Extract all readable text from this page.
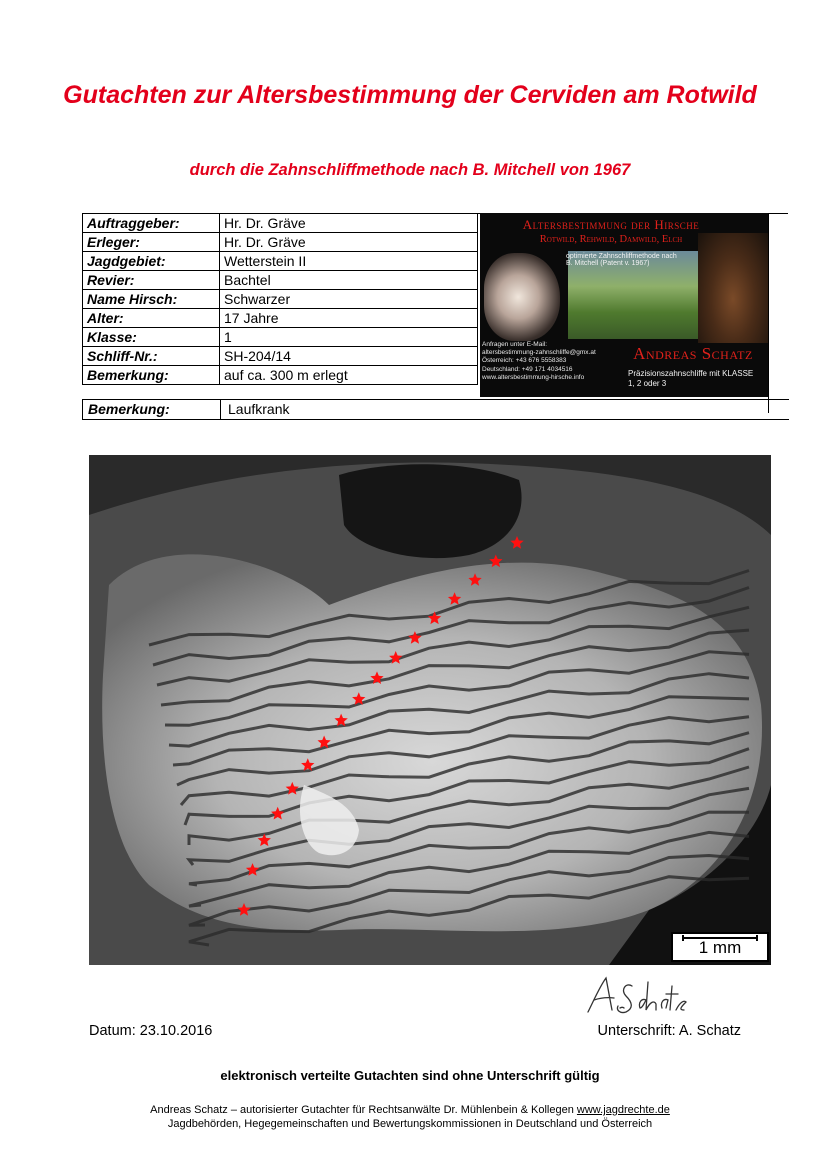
Gutachten zur Altersbestimmung der Cerviden am Rotwild
durch die Zahnschliffmethode nach B. Mitchell von 1967
Auftraggeber:	Hr. Dr. Gräve
Erleger:	Hr. Dr. Gräve
Jagdgebiet:	Wetterstein II
Revier:	Bachtel
Name Hirsch:	Schwarzer
Alter:	17 Jahre
Klasse:	1
Schliff-Nr.:	SH-204/14
Bemerkung:	auf ca. 300 m erlegt
Bemerkung:	Laufkrank
Altersbestimmung der Hirsche
Rotwild, Rehwild, Damwild, Elch
optimierte Zahnschliffmethode nach
B. Mitchell (Patent v. 1967)
Anfragen unter E-Mail:
altersbestimmung-zahnschliffe@gmx.at
Österreich: +43 676 5558383
Deutschland: +49 171 4034516
www.altersbestimmung-hirsche.info
Andreas Schatz
Präzisionszahnschliffe mit KLASSE
1, 2 oder 3
1 mm
Datum: 23.10.2016	Unterschrift: A. Schatz
elektronisch verteilte Gutachten sind ohne Unterschrift gültig
Andreas Schatz – autorisierter Gutachter für Rechtsanwälte Dr. Mühlenbein & Kollegen www.jagdrechte.de
Jagdbehörden, Hegegemeinschaften und Bewertungskommissionen in Deutschland und Österreich
